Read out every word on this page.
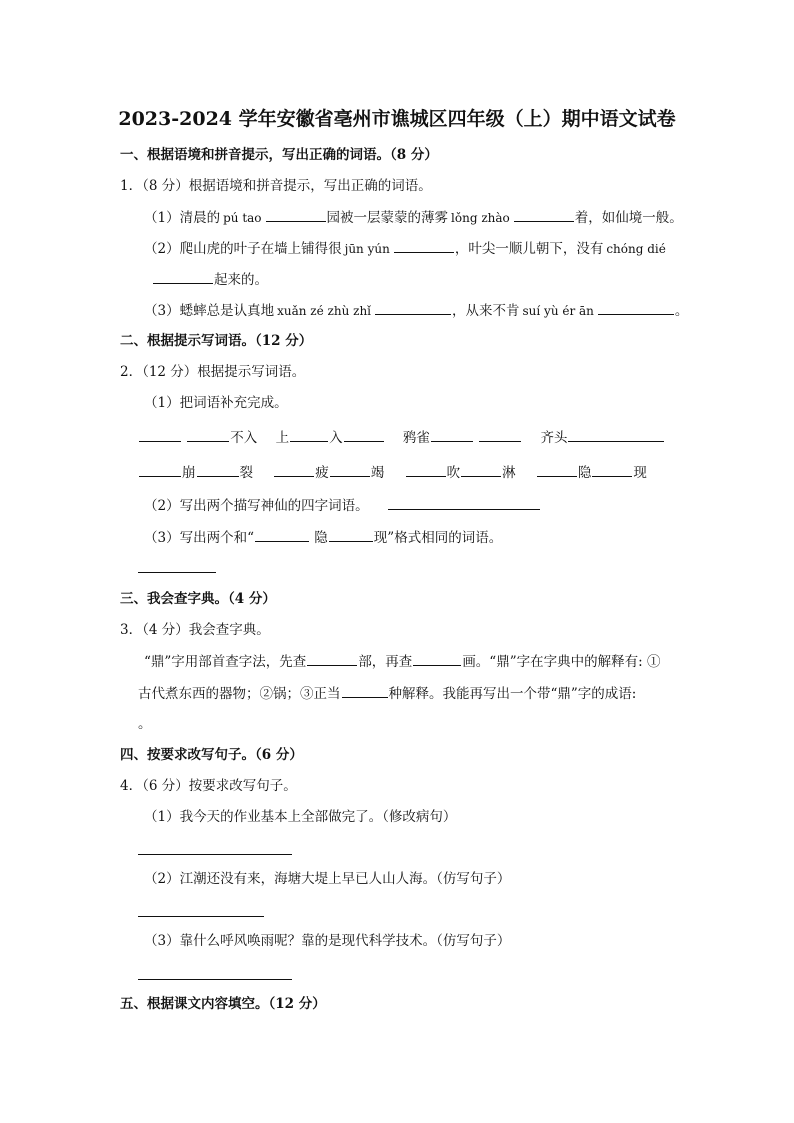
2023-2024 学年安徽省亳州市谯城区四年级（上）期中语文试卷
一、根据语境和拼音提示，写出正确的词语。（8 分）
1．（8 分）根据语境和拼音提示，写出正确的词语。
（1）清晨的 pú tao	园被一层蒙蒙的薄雾 lǒng zhào	着，如仙境一般。
（2）爬山虎的叶子在墙上铺得很 jūn yún	，叶尖一顺儿朝下，没有 chóng dié
起来的。
（3）蟋蟀总是认真地 xuǎn zé zhù zhǐ	，从来不肯 suí yù ér ān	。
二、根据提示写词语。（12 分）
2．（12 分）根据提示写词语。
（1）把词语补充完成。
不入 上	入	鸦雀	齐头
崩	裂	疲	竭	吹	淋	隐	现
（2）写出两个描写神仙的四字词语。
（3）写出两个和“	隐	现”格式相同的词语。
三、我会查字典。（4 分）
3．（4 分）我会查字典。
“鼎”字用部首查字法，先查	部，再查	画。“鼎”字在字典中的解释有: ①
古代煮东西的器物；②锅；③正当	种解释。我能再写出一个带“鼎”字的成语:
。
四、按要求改写句子。（6 分）
4．（6 分）按要求改写句子。
（1）我今天的作业基本上全部做完了。（修改病句）
（2）江潮还没有来，海塘大堤上早已人山人海。（仿写句子）
（3）靠什么呼风唤雨呢？靠的是现代科学技术。（仿写句子）
五、根据课文内容填空。（12 分）
